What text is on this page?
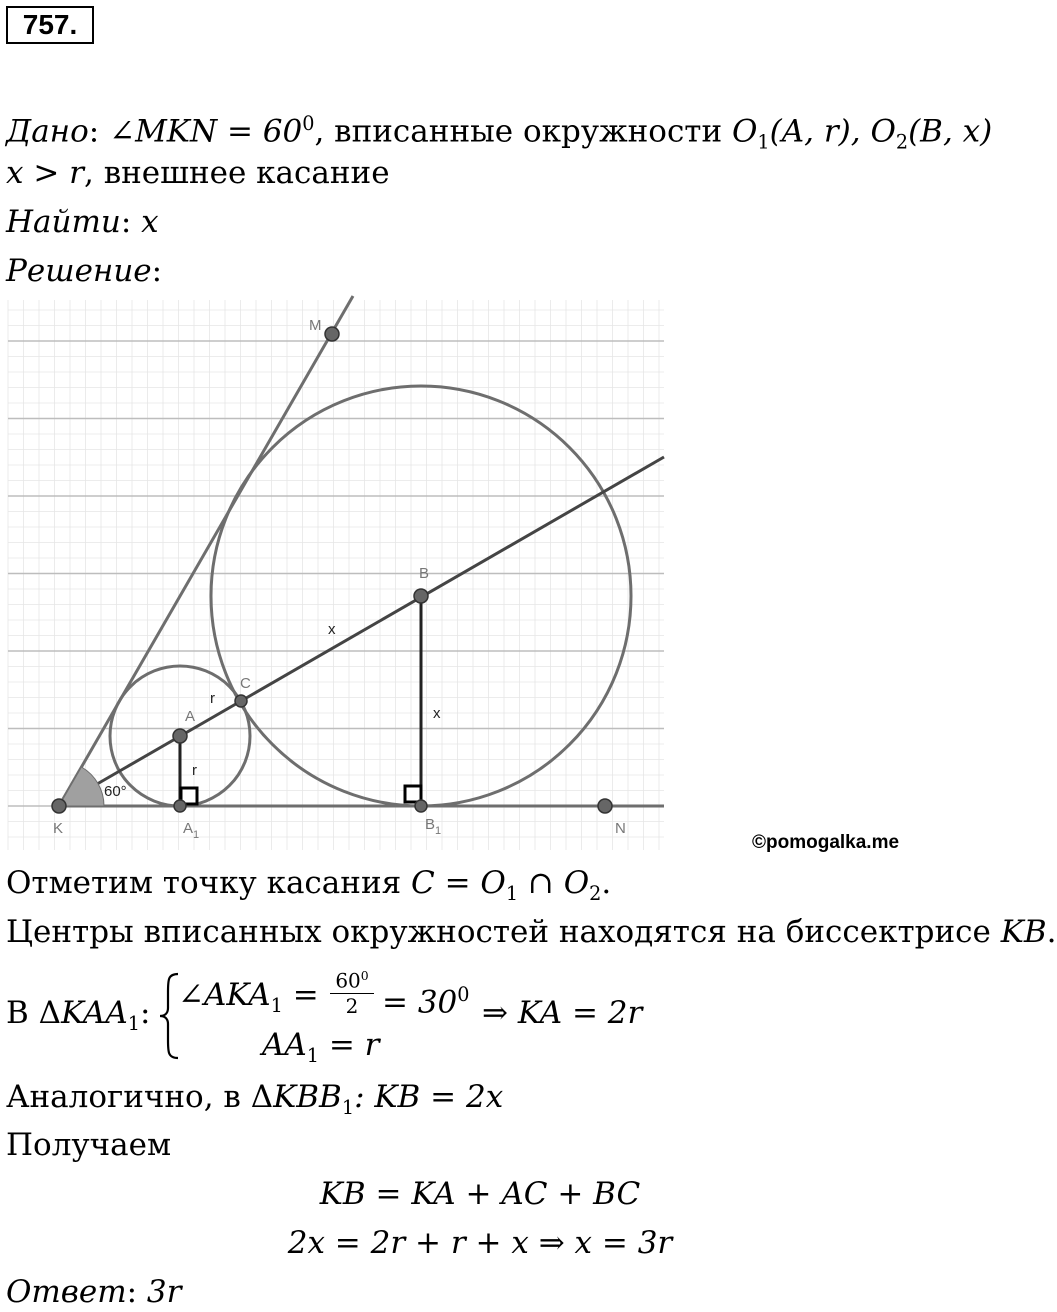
757.
Дано: ∠MKN = $60^0$, вписанные окружности $O_1(A$, r), $O_2(B$, x)
x > r, внешнее касание
Найти: x
Решение:
M
K	N
A
B
C
$A_1$
$B_1$
r
r
x
x
60°
©pomogalka.me
Отметим точку касания $C = O_1$ ∩ $O_2$.
Центры вписанных окружностей находятся на биссектрисе KB.
В $\Delta KAA_1$: $\angle AKA_1 = \frac{60^0}{2} = 30^0$
$AA_1 = r$
⇒ KA = 2r
Аналогично, в $\Delta KBB_1$: KB = 2x
Получаем
KB = KA + AC + BC
2x = 2r + r + x ⇒ x = 3r
Ответ: 3r
